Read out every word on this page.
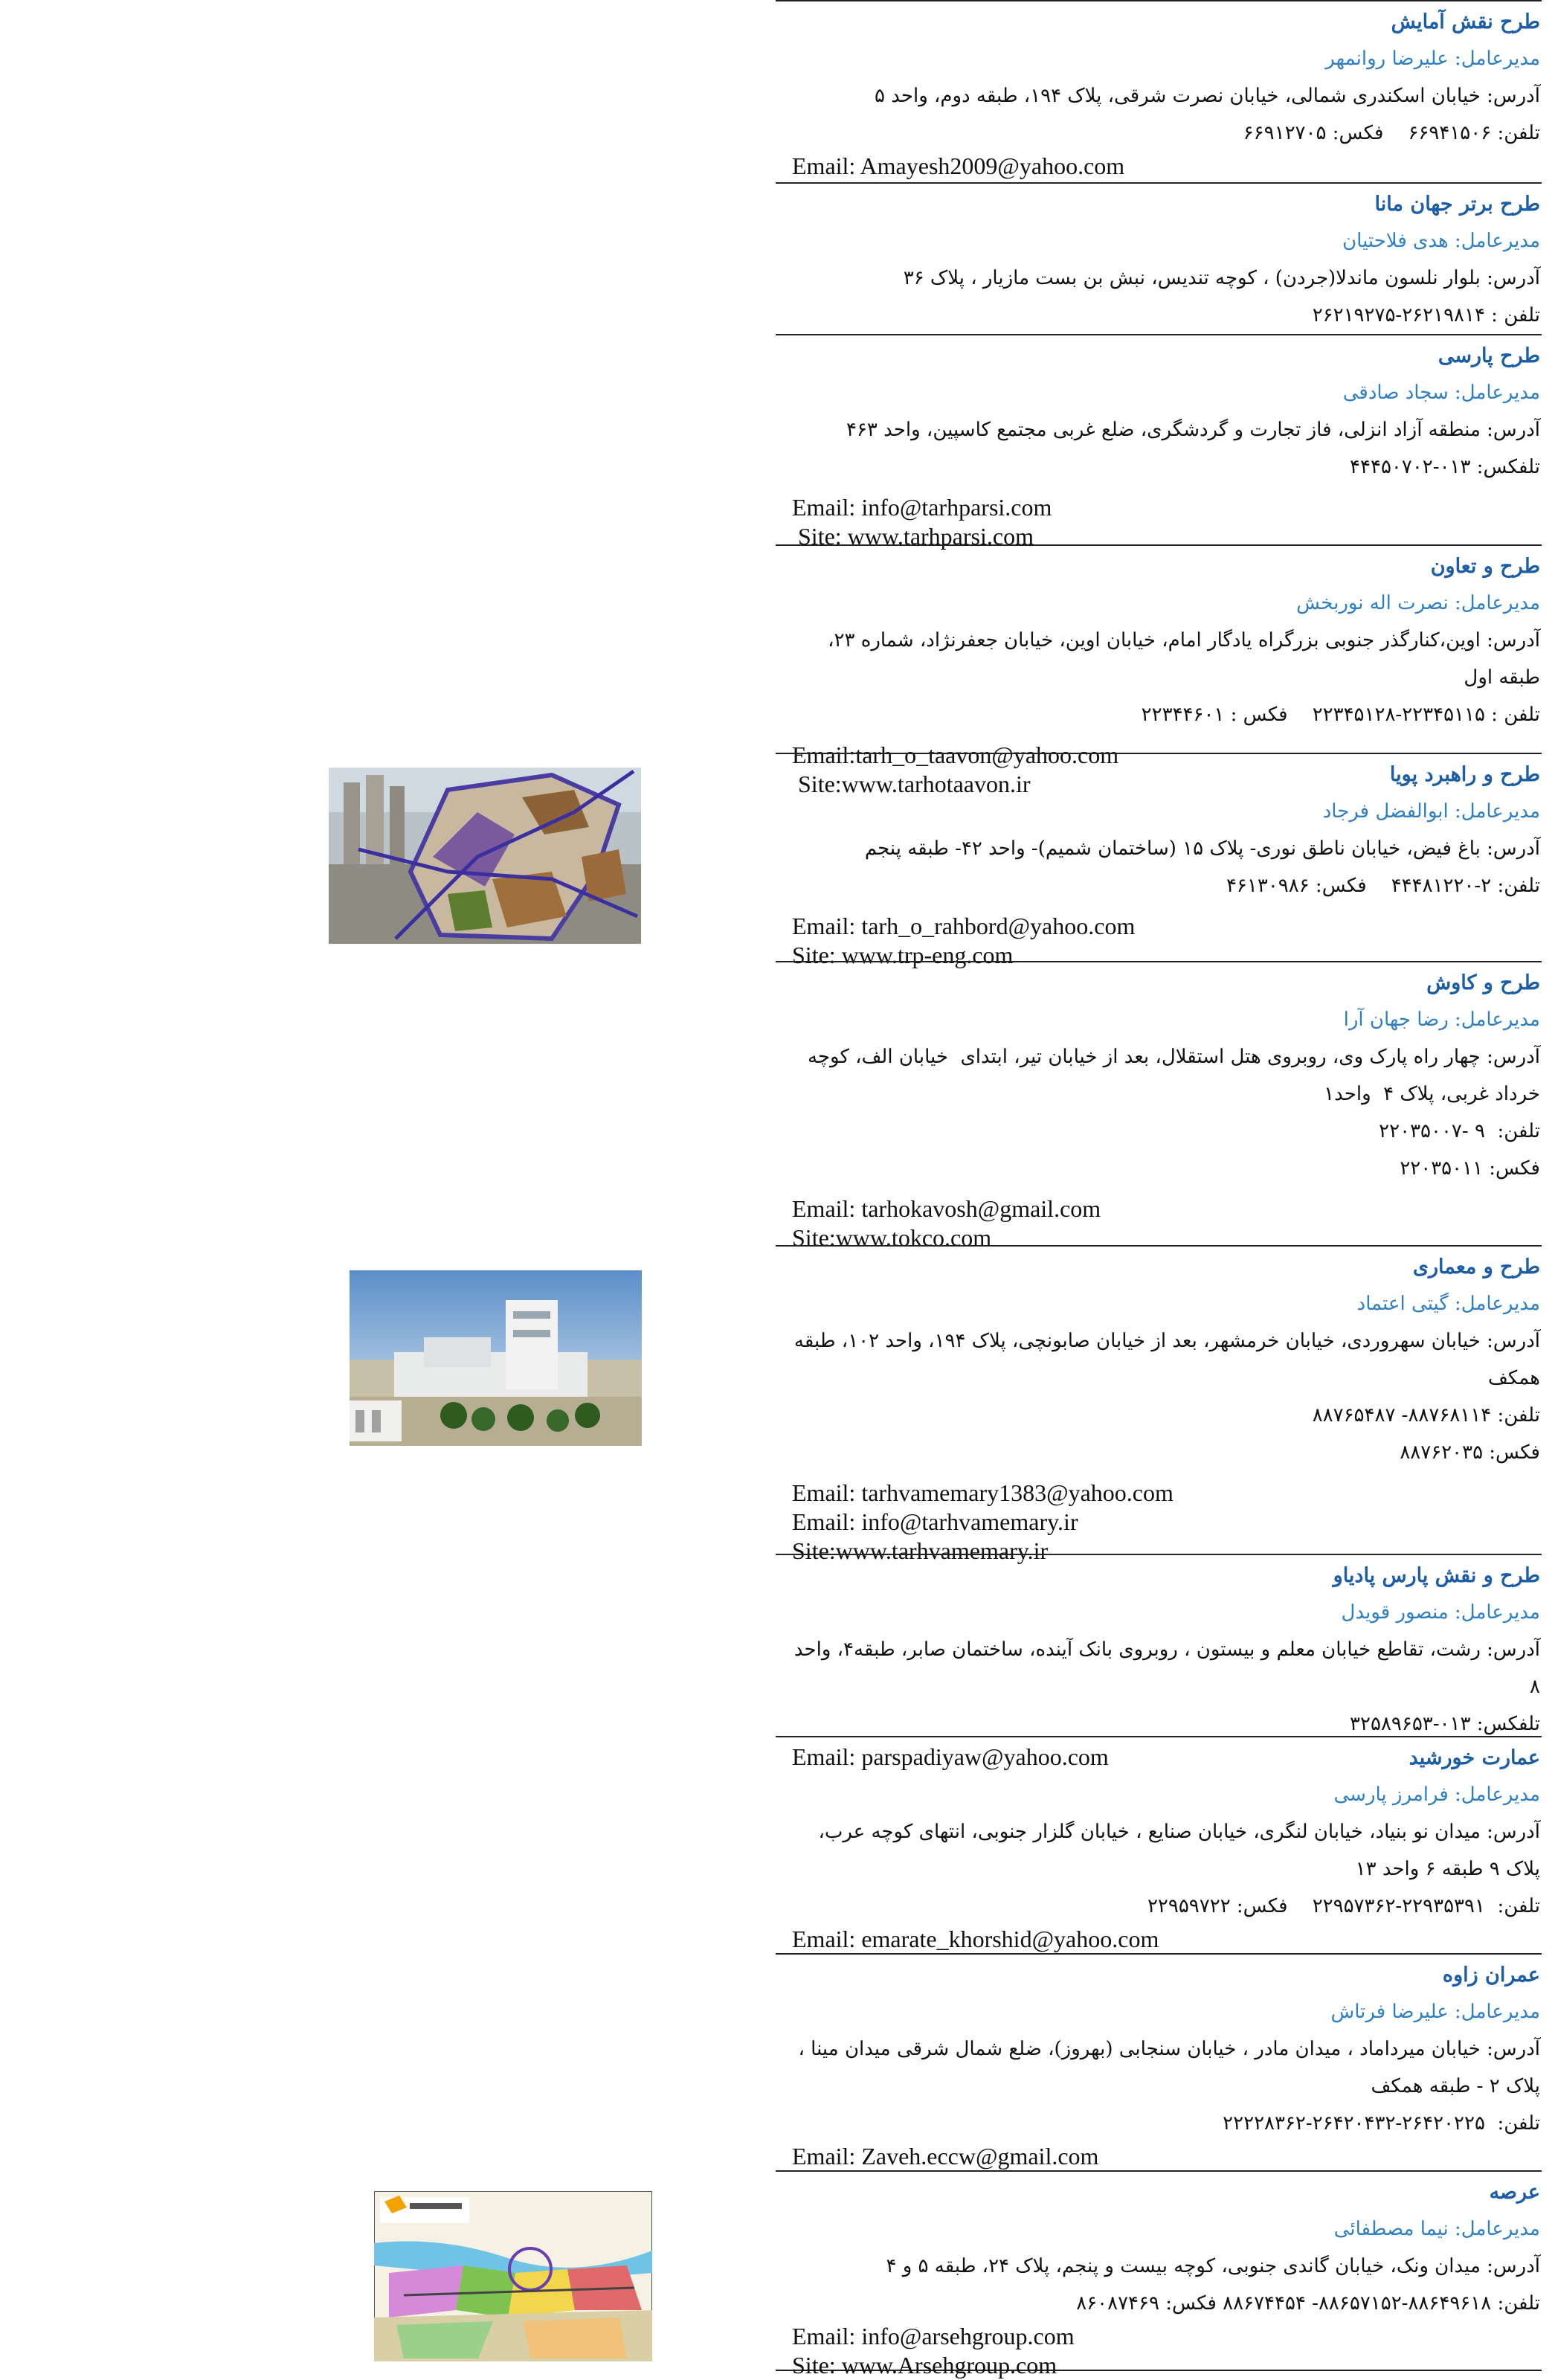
طرح نقش آمایش
مدیرعامل: علیرضا روانمهر
آدرس: خیابان اسکندری شمالی، خیابان نصرت شرقی، پلاک ۱۹۴، طبقه دوم، واحد ۵
تلفن: ۶۶۹۴۱۵۰۶    فکس: ۶۶۹۱۲۷۰۵
Email: Amayesh2009@yahoo.com
طرح برتر جهان مانا
مدیرعامل: هدی فلاحتیان
آدرس: بلوار نلسون ماندلا(جردن) ، کوچه تندیس، نبش بن بست مازیار ، پلاک ۳۶
تلفن : ۲۶۲۱۹۸۱۴-۲۶۲۱۹۲۷۵
طرح پارسی
مدیرعامل: سجاد صادقی
آدرس: منطقه آزاد انزلی، فاز تجارت و گردشگری، ضلع غربی مجتمع کاسپین، واحد ۴۶۳
تلفکس: ۰۱۳-۴۴۴۵۰۷۰۲
Email: info@tarhparsi.com
Site: www.tarhparsi.com
طرح و تعاون
مدیرعامل: نصرت اله نوربخش
آدرس: اوین،کنارگذر جنوبی بزرگراه یادگار امام، خیابان اوین، خیابان جعفرنژاد، شماره ۲۳، طبقه اول
تلفن : ۲۲۳۴۵۱۱۵-۲۲۳۴۵۱۲۸    فکس : ۲۲۳۴۴۶۰۱
Email:tarh_o_taavon@yahoo.com
Site:www.tarhotaavon.ir	طرح و راهبرد پویا
مدیرعامل: ابوالفضل فرجاد
آدرس: باغ فیض، خیابان ناطق نوری- پلاک ۱۵ (ساختمان شمیم)- واحد ۴۲- طبقه پنجم
تلفن: ۲-۴۴۴۸۱۲۲۰    فکس: ۴۶۱۳۰۹۸۶
Email: tarh_o_rahbord@yahoo.com
Site: www.trp-eng.com
طرح و کاوش
مدیرعامل: رضا جهان آرا
آدرس: چهار راه پارک وی، روبروی هتل استقلال، بعد از خیابان تیر، ابتدای  خیابان الف، کوچه خرداد غربی، پلاک ۴  واحد۱
تلفن:  ۹ -۲۲۰۳۵۰۰۷
فکس: ۲۲۰۳۵۰۱۱
Email: tarhokavosh@gmail.com
Site:www.tokco.com
طرح و معماری
مدیرعامل: گیتی اعتماد
آدرس: خیابان سهروردی، خیابان خرمشهر، بعد از خیابان صابونچی، پلاک ۱۹۴، واحد ۱۰۲، طبقه همکف
تلفن: ۸۸۷۶۸۱۱۴- ۸۸۷۶۵۴۸۷
فکس: ۸۸۷۶۲۰۳۵
Email: tarhvamemary1383@yahoo.com
Email: info@tarhvamemary.ir
Site:www.tarhvamemary.ir
طرح و نقش پارس پادیاو
مدیرعامل: منصور قویدل
آدرس: رشت، تقاطع خیابان معلم و بیستون ، روبروی بانک آینده، ساختمان صابر، طبقه۴، واحد ۸
تلفکس: ۰۱۳-۳۲۵۸۹۶۵۳
Email: parspadiyaw@yahoo.com	عمارت خورشید
مدیرعامل: فرامرز پارسی
آدرس: میدان نو بنیاد، خیابان لنگری، خیابان صنایع ، خیابان گلزار جنوبی، انتهای کوچه عرب، پلاک ۹ طبقه ۶ واحد ۱۳
تلفن:  ۲۲۹۳۵۳۹۱-۲۲۹۵۷۳۶۲    فکس: ۲۲۹۵۹۷۲۲
Email: emarate_khorshid@yahoo.com
عمران زاوه
مدیرعامل: علیرضا فرتاش
آدرس: خیابان میرداماد ، میدان مادر ، خیابان سنجابی (بهروز)، ضلع شمال شرقی میدان مینا ، پلاک ۲ - طبقه همکف
تلفن:  ۲۶۴۲۰۲۲۵-۲۶۴۲۰۴۳۲-۲۲۲۲۸۳۶۲
Email: Zaveh.eccw@gmail.com
عرصه
مدیرعامل: نیما مصطفائی
آدرس: میدان ونک، خیابان گاندی جنوبی، کوچه بیست و پنجم، پلاک ۲۴، طبقه ۵ و ۴
تلفن: ۸۸۶۴۹۶۱۸-۸۸۶۵۷۱۵۲- ۸۸۶۷۴۴۵۴ فکس: ۸۶۰۸۷۴۶۹
Email: info@arsehgroup.com
Site: www.Arsehgroup.com
